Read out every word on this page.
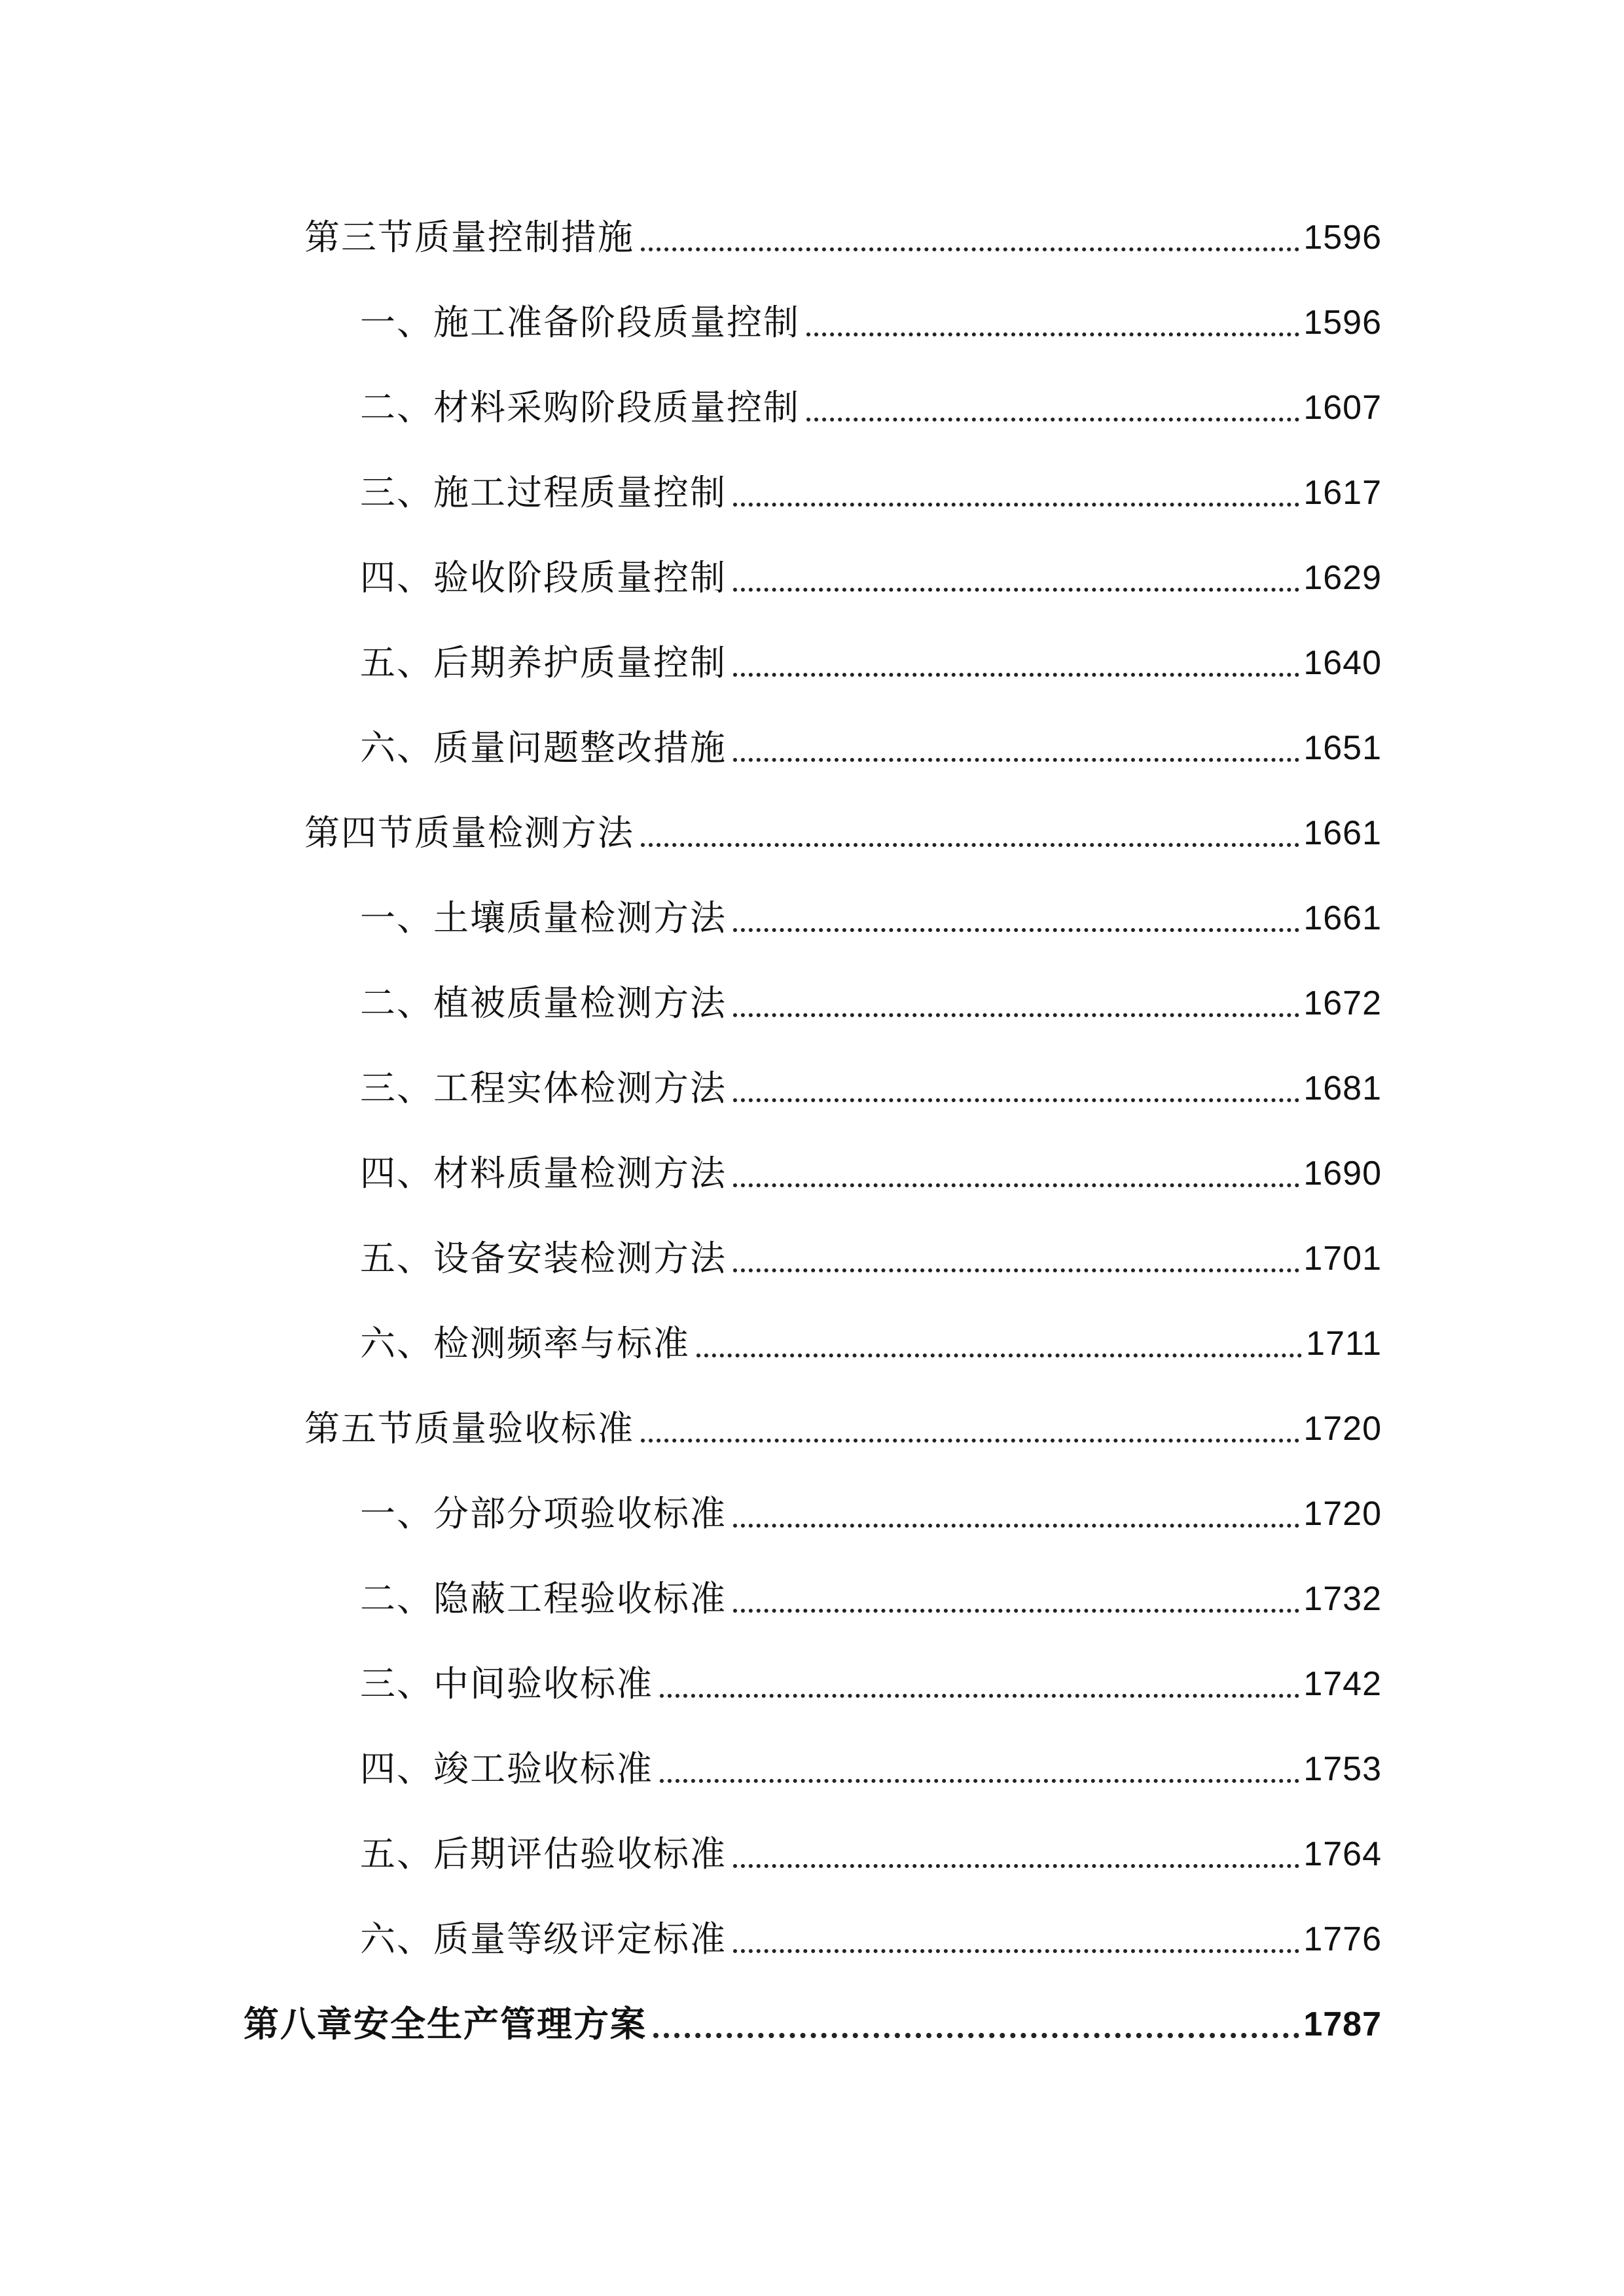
第三节质量控制措施	1596
一、施工准备阶段质量控制	1596
二、材料采购阶段质量控制	1607
三、施工过程质量控制	1617
四、验收阶段质量控制	1629
五、后期养护质量控制	1640
六、质量问题整改措施	1651
第四节质量检测方法	1661
一、土壤质量检测方法	1661
二、植被质量检测方法	1672
三、工程实体检测方法	1681
四、材料质量检测方法	1690
五、设备安装检测方法	1701
六、检测频率与标准	1711
第五节质量验收标准	1720
一、分部分项验收标准	1720
二、隐蔽工程验收标准	1732
三、中间验收标准	1742
四、竣工验收标准	1753
五、后期评估验收标准	1764
六、质量等级评定标准	1776
第八章安全生产管理方案	1787
